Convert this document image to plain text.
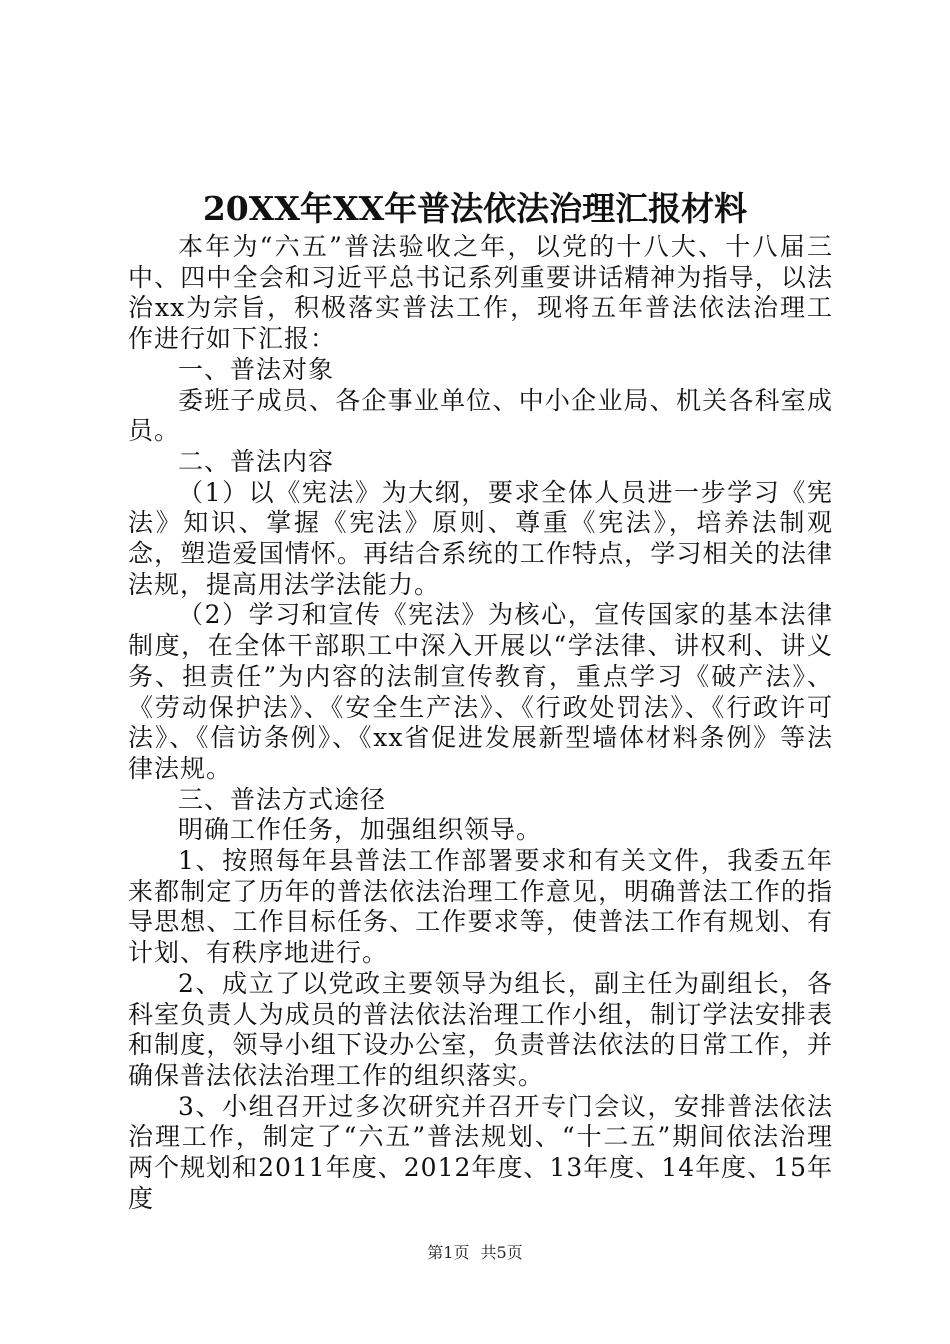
20XX年XX年普法依法治理汇报材料

本年为“六五”普法验收之年，以党的十八大、十八届三中、四中全会和习近平总书记系列重要讲话精神为指导，以法治xx为宗旨，积极落实普法工作，现将五年普法依法治理工作进行如下汇报：

一、普法对象

委班子成员、各企事业单位、中小企业局、机关各科室成员。

二、普法内容

（1）以《宪法》为大纲，要求全体人员进一步学习《宪法》知识、掌握《宪法》原则、尊重《宪法》，培养法制观念，塑造爱国情怀。再结合系统的工作特点，学习相关的法律法规，提高用法学法能力。

（2）学习和宣传《宪法》为核心，宣传国家的基本法律制度，在全体干部职工中深入开展以“学法律、讲权利、讲义务、担责任”为内容的法制宣传教育，重点学习《破产法》、《劳动保护法》、《安全生产法》、《行政处罚法》、《行政许可法》、《信访条例》、《xx省促进发展新型墙体材料条例》等法律法规。

三、普法方式途径

明确工作任务，加强组织领导。

1、按照每年县普法工作部署要求和有关文件，我委五年来都制定了历年的普法依法治理工作意见，明确普法工作的指导思想、工作目标任务、工作要求等，使普法工作有规划、有计划、有秩序地进行。

2、成立了以党政主要领导为组长，副主任为副组长，各科室负责人为成员的普法依法治理工作小组，制订学法安排表和制度，领导小组下设办公室，负责普法依法的日常工作，并确保普法依法治理工作的组织落实。

3、小组召开过多次研究并召开专门会议，安排普法依法治理工作，制定了“六五”普法规划、“十二五”期间依法治理两个规划和2011年度、2012年度、13年度、14年度、15年度

第1页 共5页
